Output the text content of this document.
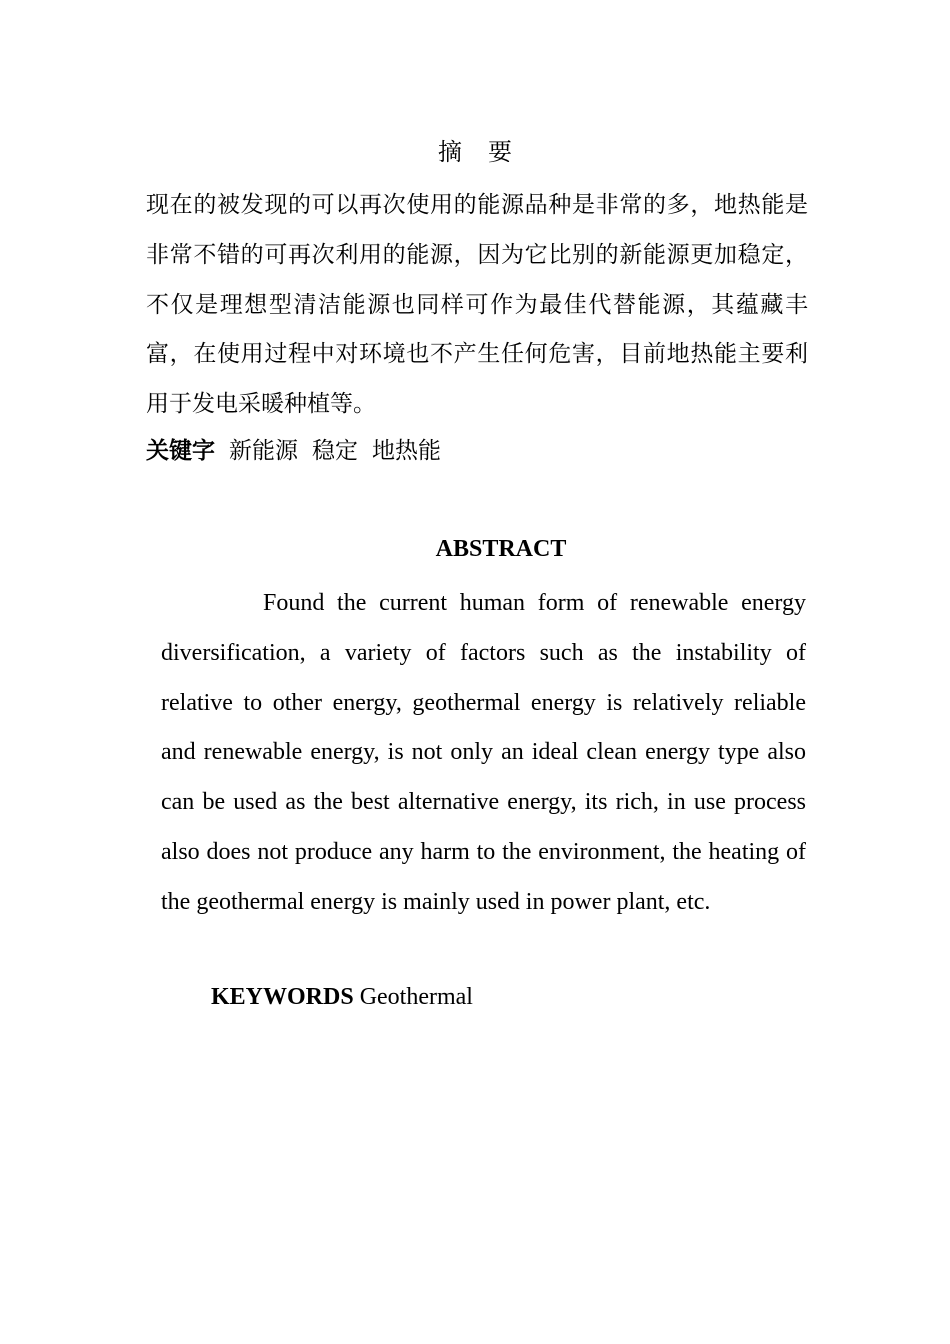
摘 要
现在的被发现的可以再次使用的能源品种是非常的多，地热能是非常不错的可再次利用的能源，因为它比别的新能源更加稳定，不仅是理想型清洁能源也同样可作为最佳代替能源，其蕴藏丰富，在使用过程中对环境也不产生任何危害，目前地热能主要利用于发电采暖种植等。
关键字 新能源 稳定 地热能
ABSTRACT
Found the current human form of renewable energy diversification, a variety of factors such as the instability of relative to other energy, geothermal energy is relatively reliable and renewable energy, is not only an ideal clean energy type also can be used as the best alternative energy, its rich, in use process also does not produce any harm to the environment, the heating of the geothermal energy is mainly used in power plant, etc.
KEYWORDS Geothermal
